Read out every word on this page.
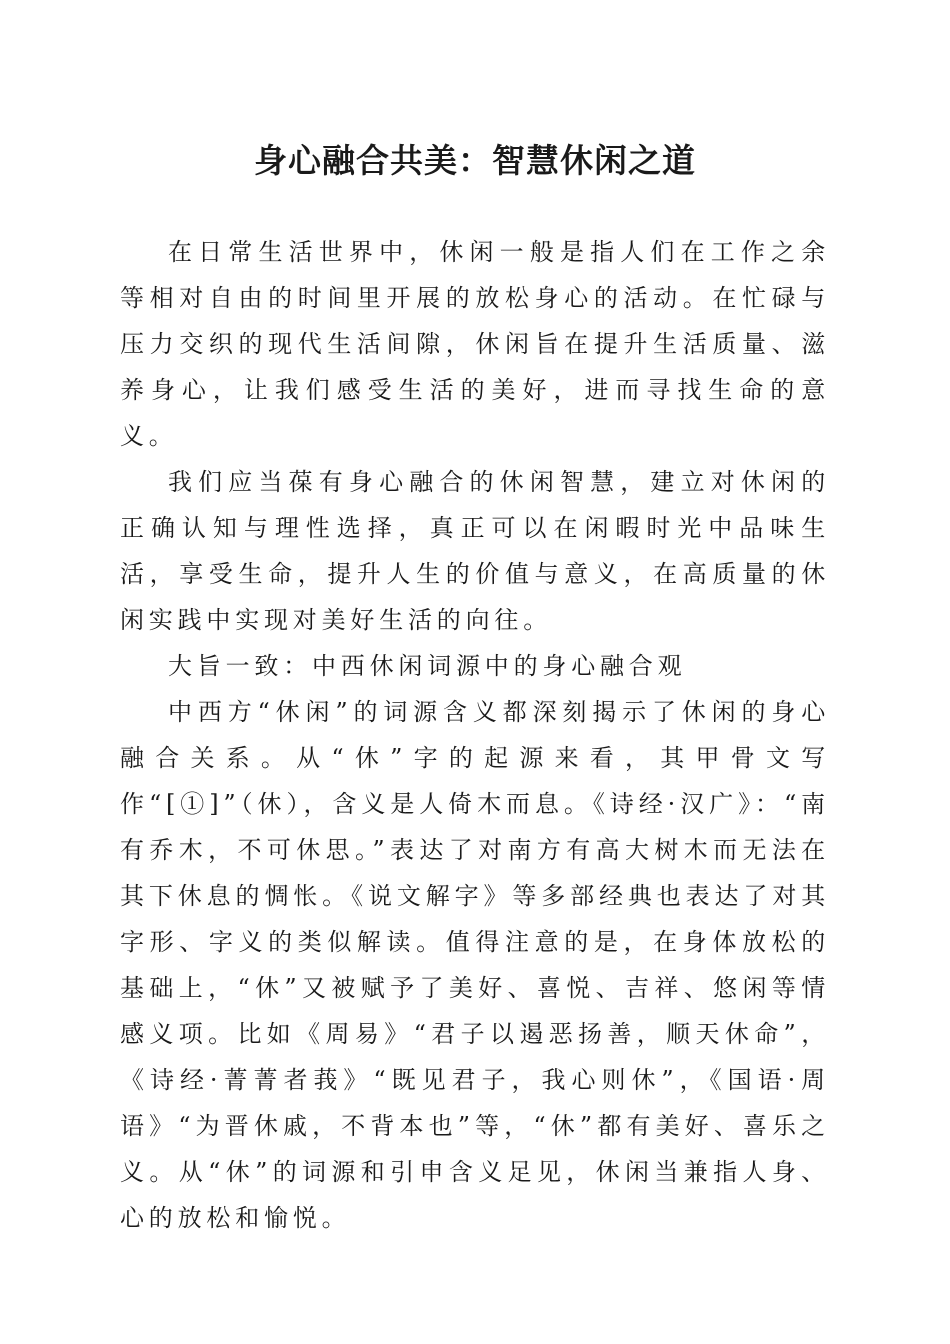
身心融合共美：智慧休闲之道

在日常生活世界中，休闲一般是指人们在工作之余等相对自由的时间里开展的放松身心的活动。在忙碌与压力交织的现代生活间隙，休闲旨在提升生活质量、滋养身心，让我们感受生活的美好，进而寻找生命的意义。

我们应当葆有身心融合的休闲智慧，建立对休闲的正确认知与理性选择，真正可以在闲暇时光中品味生活，享受生命，提升人生的价值与意义，在高质量的休闲实践中实现对美好生活的向往。

大旨一致：中西休闲词源中的身心融合观

中西方“休闲”的词源含义都深刻揭示了休闲的身心融合关系。从“休”字的起源来看，其甲骨文写作“[①]”（休），含义是人倚木而息。《诗经·汉广》：“南有乔木，不可休思。”表达了对南方有高大树木而无法在其下休息的惆怅。《说文解字》等多部经典也表达了对其字形、字义的类似解读。值得注意的是，在身体放松的基础上，“休”又被赋予了美好、喜悦、吉祥、悠闲等情感义项。比如《周易》“君子以遏恶扬善，顺天休命”，《诗经·菁菁者莪》“既见君子，我心则休”，《国语·周语》“为晋休戚，不背本也”等，“休”都有美好、喜乐之义。从“休”的词源和引申含义足见，休闲当兼指人身、心的放松和愉悦。
